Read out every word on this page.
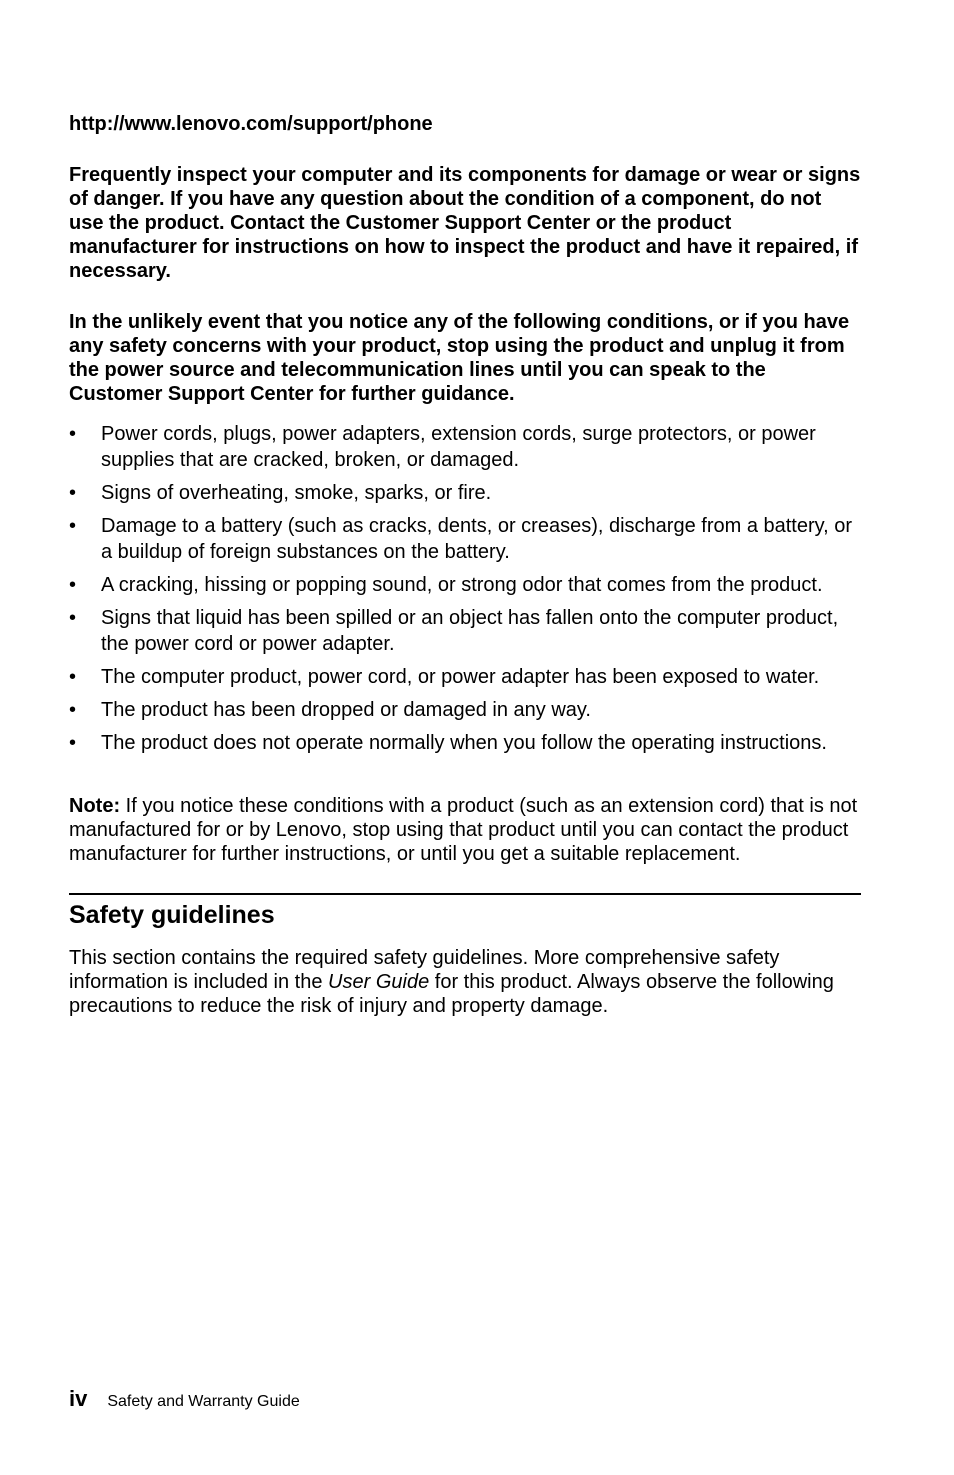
http://www.lenovo.com/support/phone

Frequently inspect your computer and its components for damage or wear or signs of danger. If you have any question about the condition of a component, do not use the product. Contact the Customer Support Center or the product manufacturer for instructions on how to inspect the product and have it repaired, if necessary.

In the unlikely event that you notice any of the following conditions, or if you have any safety concerns with your product, stop using the product and unplug it from the power source and telecommunication lines until you can speak to the Customer Support Center for further guidance.

•	Power cords, plugs, power adapters, extension cords, surge protectors, or power supplies that are cracked, broken, or damaged.
•	Signs of overheating, smoke, sparks, or fire.
•	Damage to a battery (such as cracks, dents, or creases), discharge from a battery, or a buildup of foreign substances on the battery.
•	A cracking, hissing or popping sound, or strong odor that comes from the product.
•	Signs that liquid has been spilled or an object has fallen onto the computer product, the power cord or power adapter.
•	The computer product, power cord, or power adapter has been exposed to water.
•	The product has been dropped or damaged in any way.
•	The product does not operate normally when you follow the operating instructions.

Note: If you notice these conditions with a product (such as an extension cord) that is not manufactured for or by Lenovo, stop using that product until you can contact the product manufacturer for further instructions, or until you get a suitable replacement.

Safety guidelines

This section contains the required safety guidelines. More comprehensive safety information is included in the User Guide for this product. Always observe the following precautions to reduce the risk of injury and property damage.

iv Safety and Warranty Guide
